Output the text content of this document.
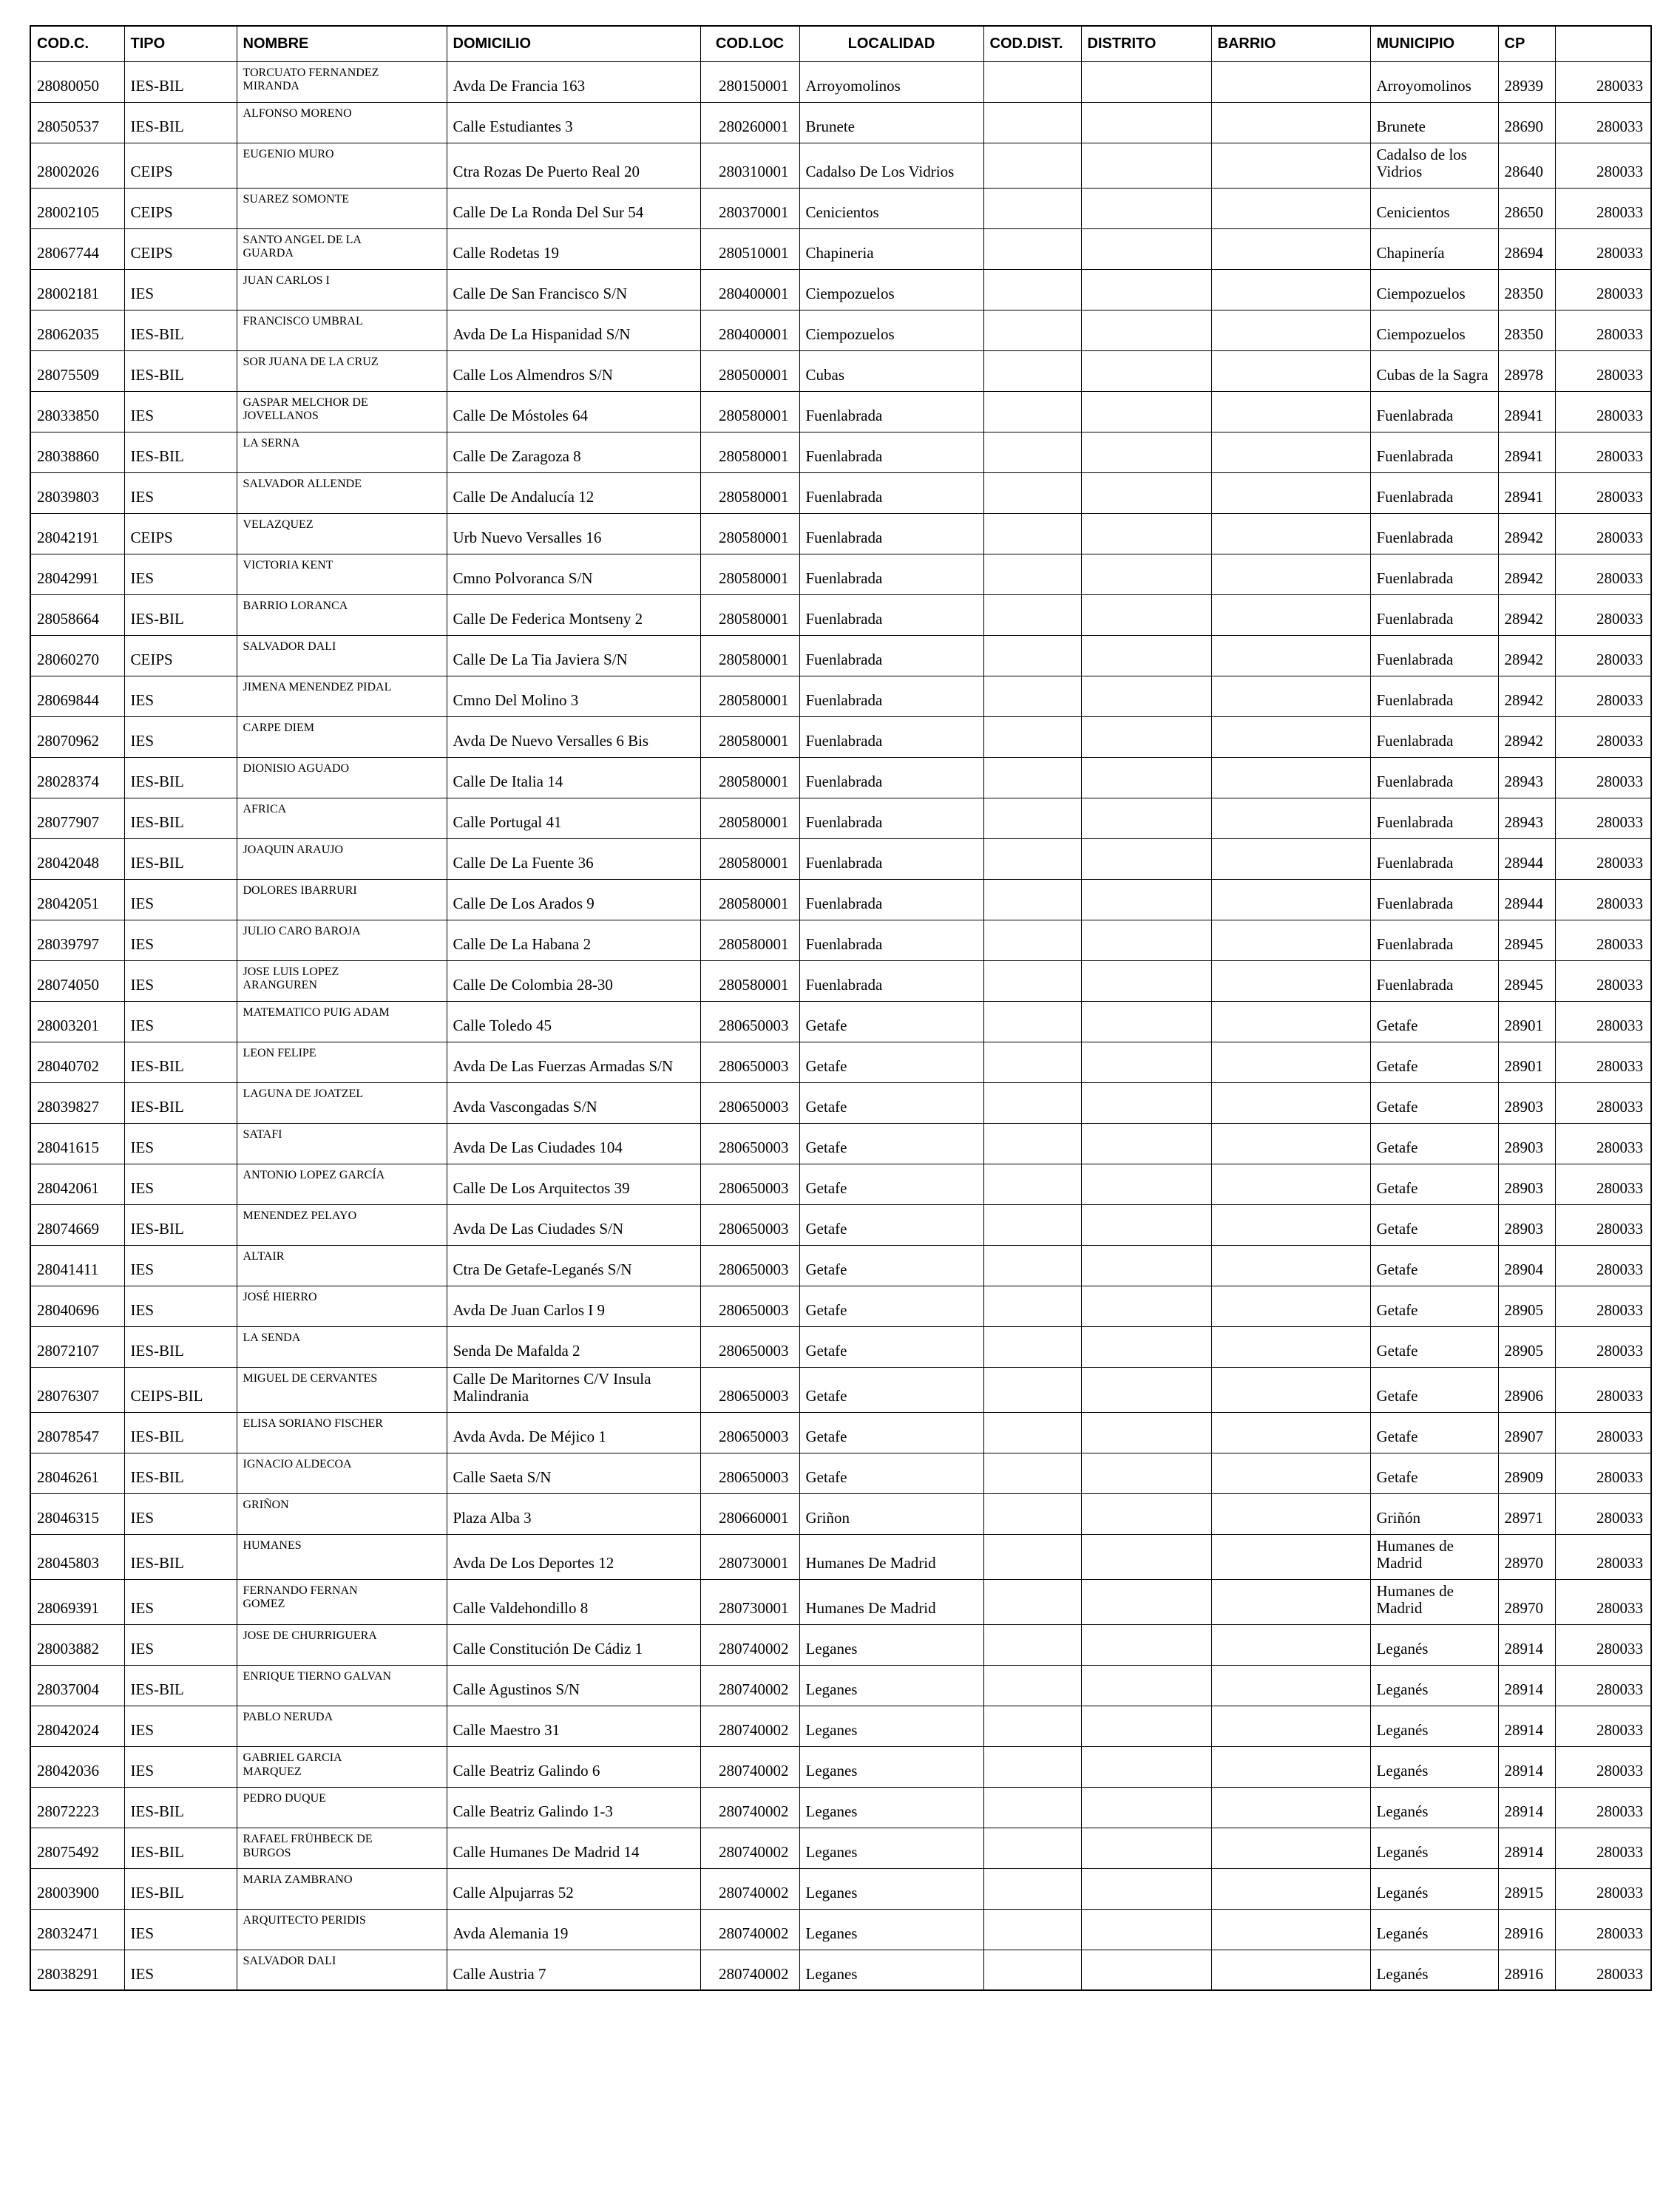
COD.C.	TIPO	NOMBRE	DOMICILIO	COD.LOC	LOCALIDAD	COD.DIST.	DISTRITO	BARRIO	MUNICIPIO	CP	
28080050	IES-BIL	TORCUATO FERNANDEZ MIRANDA	Avda De Francia 163	280150001	Arroyomolinos				Arroyomolinos	28939	280033
28050537	IES-BIL	ALFONSO MORENO	Calle Estudiantes 3	280260001	Brunete				Brunete	28690	280033
28002026	CEIPS	EUGENIO MURO	Ctra Rozas De Puerto Real 20	280310001	Cadalso De Los Vidrios				Cadalso de los Vidrios	28640	280033
28002105	CEIPS	SUAREZ SOMONTE	Calle De La Ronda Del Sur 54	280370001	Cenicientos				Cenicientos	28650	280033
28067744	CEIPS	SANTO ANGEL DE LA GUARDA	Calle Rodetas 19	280510001	Chapineria				Chapinería	28694	280033
28002181	IES	JUAN CARLOS I	Calle De San Francisco S/N	280400001	Ciempozuelos				Ciempozuelos	28350	280033
28062035	IES-BIL	FRANCISCO UMBRAL	Avda De La Hispanidad S/N	280400001	Ciempozuelos				Ciempozuelos	28350	280033
28075509	IES-BIL	SOR JUANA DE LA CRUZ	Calle Los Almendros S/N	280500001	Cubas				Cubas de la Sagra	28978	280033
28033850	IES	GASPAR MELCHOR DE JOVELLANOS	Calle De Móstoles 64	280580001	Fuenlabrada				Fuenlabrada	28941	280033
28038860	IES-BIL	LA SERNA	Calle De Zaragoza 8	280580001	Fuenlabrada				Fuenlabrada	28941	280033
28039803	IES	SALVADOR ALLENDE	Calle De Andalucía 12	280580001	Fuenlabrada				Fuenlabrada	28941	280033
28042191	CEIPS	VELAZQUEZ	Urb Nuevo Versalles 16	280580001	Fuenlabrada				Fuenlabrada	28942	280033
28042991	IES	VICTORIA KENT	Cmno Polvoranca S/N	280580001	Fuenlabrada				Fuenlabrada	28942	280033
28058664	IES-BIL	BARRIO LORANCA	Calle De Federica Montseny 2	280580001	Fuenlabrada				Fuenlabrada	28942	280033
28060270	CEIPS	SALVADOR DALI	Calle De La Tia Javiera S/N	280580001	Fuenlabrada				Fuenlabrada	28942	280033
28069844	IES	JIMENA MENENDEZ PIDAL	Cmno Del Molino 3	280580001	Fuenlabrada				Fuenlabrada	28942	280033
28070962	IES	CARPE DIEM	Avda De Nuevo Versalles 6 Bis	280580001	Fuenlabrada				Fuenlabrada	28942	280033
28028374	IES-BIL	DIONISIO AGUADO	Calle De Italia 14	280580001	Fuenlabrada				Fuenlabrada	28943	280033
28077907	IES-BIL	AFRICA	Calle Portugal 41	280580001	Fuenlabrada				Fuenlabrada	28943	280033
28042048	IES-BIL	JOAQUIN ARAUJO	Calle De La Fuente 36	280580001	Fuenlabrada				Fuenlabrada	28944	280033
28042051	IES	DOLORES IBARRURI	Calle De Los Arados 9	280580001	Fuenlabrada				Fuenlabrada	28944	280033
28039797	IES	JULIO CARO BAROJA	Calle De La Habana 2	280580001	Fuenlabrada				Fuenlabrada	28945	280033
28074050	IES	JOSE LUIS LOPEZ ARANGUREN	Calle De Colombia 28-30	280580001	Fuenlabrada				Fuenlabrada	28945	280033
28003201	IES	MATEMATICO PUIG ADAM	Calle Toledo 45	280650003	Getafe				Getafe	28901	280033
28040702	IES-BIL	LEON FELIPE	Avda De Las Fuerzas Armadas S/N	280650003	Getafe				Getafe	28901	280033
28039827	IES-BIL	LAGUNA DE JOATZEL	Avda Vascongadas S/N	280650003	Getafe				Getafe	28903	280033
28041615	IES	SATAFI	Avda De Las Ciudades 104	280650003	Getafe				Getafe	28903	280033
28042061	IES	ANTONIO LOPEZ GARCÍA	Calle De Los Arquitectos 39	280650003	Getafe				Getafe	28903	280033
28074669	IES-BIL	MENENDEZ PELAYO	Avda De Las Ciudades S/N	280650003	Getafe				Getafe	28903	280033
28041411	IES	ALTAIR	Ctra De Getafe-Leganés S/N	280650003	Getafe				Getafe	28904	280033
28040696	IES	JOSÉ HIERRO	Avda De Juan Carlos I 9	280650003	Getafe				Getafe	28905	280033
28072107	IES-BIL	LA SENDA	Senda De Mafalda 2	280650003	Getafe				Getafe	28905	280033
28076307	CEIPS-BIL	MIGUEL DE CERVANTES	Calle De Maritornes C/V Insula Malindrania	280650003	Getafe				Getafe	28906	280033
28078547	IES-BIL	ELISA SORIANO FISCHER	Avda Avda. De Méjico 1	280650003	Getafe				Getafe	28907	280033
28046261	IES-BIL	IGNACIO ALDECOA	Calle Saeta S/N	280650003	Getafe				Getafe	28909	280033
28046315	IES	GRIÑON	Plaza Alba 3	280660001	Griñon				Griñón	28971	280033
28045803	IES-BIL	HUMANES	Avda De Los Deportes 12	280730001	Humanes De Madrid				Humanes de Madrid	28970	280033
28069391	IES	FERNANDO FERNAN GOMEZ	Calle Valdehondillo 8	280730001	Humanes De Madrid				Humanes de Madrid	28970	280033
28003882	IES	JOSE DE CHURRIGUERA	Calle Constitución De Cádiz 1	280740002	Leganes				Leganés	28914	280033
28037004	IES-BIL	ENRIQUE TIERNO GALVAN	Calle Agustinos S/N	280740002	Leganes				Leganés	28914	280033
28042024	IES	PABLO NERUDA	Calle Maestro 31	280740002	Leganes				Leganés	28914	280033
28042036	IES	GABRIEL GARCIA MARQUEZ	Calle Beatriz Galindo 6	280740002	Leganes				Leganés	28914	280033
28072223	IES-BIL	PEDRO DUQUE	Calle Beatriz Galindo 1-3	280740002	Leganes				Leganés	28914	280033
28075492	IES-BIL	RAFAEL FRÜHBECK DE BURGOS	Calle Humanes De Madrid 14	280740002	Leganes				Leganés	28914	280033
28003900	IES-BIL	MARIA ZAMBRANO	Calle Alpujarras 52	280740002	Leganes				Leganés	28915	280033
28032471	IES	ARQUITECTO PERIDIS	Avda Alemania 19	280740002	Leganes				Leganés	28916	280033
28038291	IES	SALVADOR DALI	Calle Austria 7	280740002	Leganes				Leganés	28916	280033
